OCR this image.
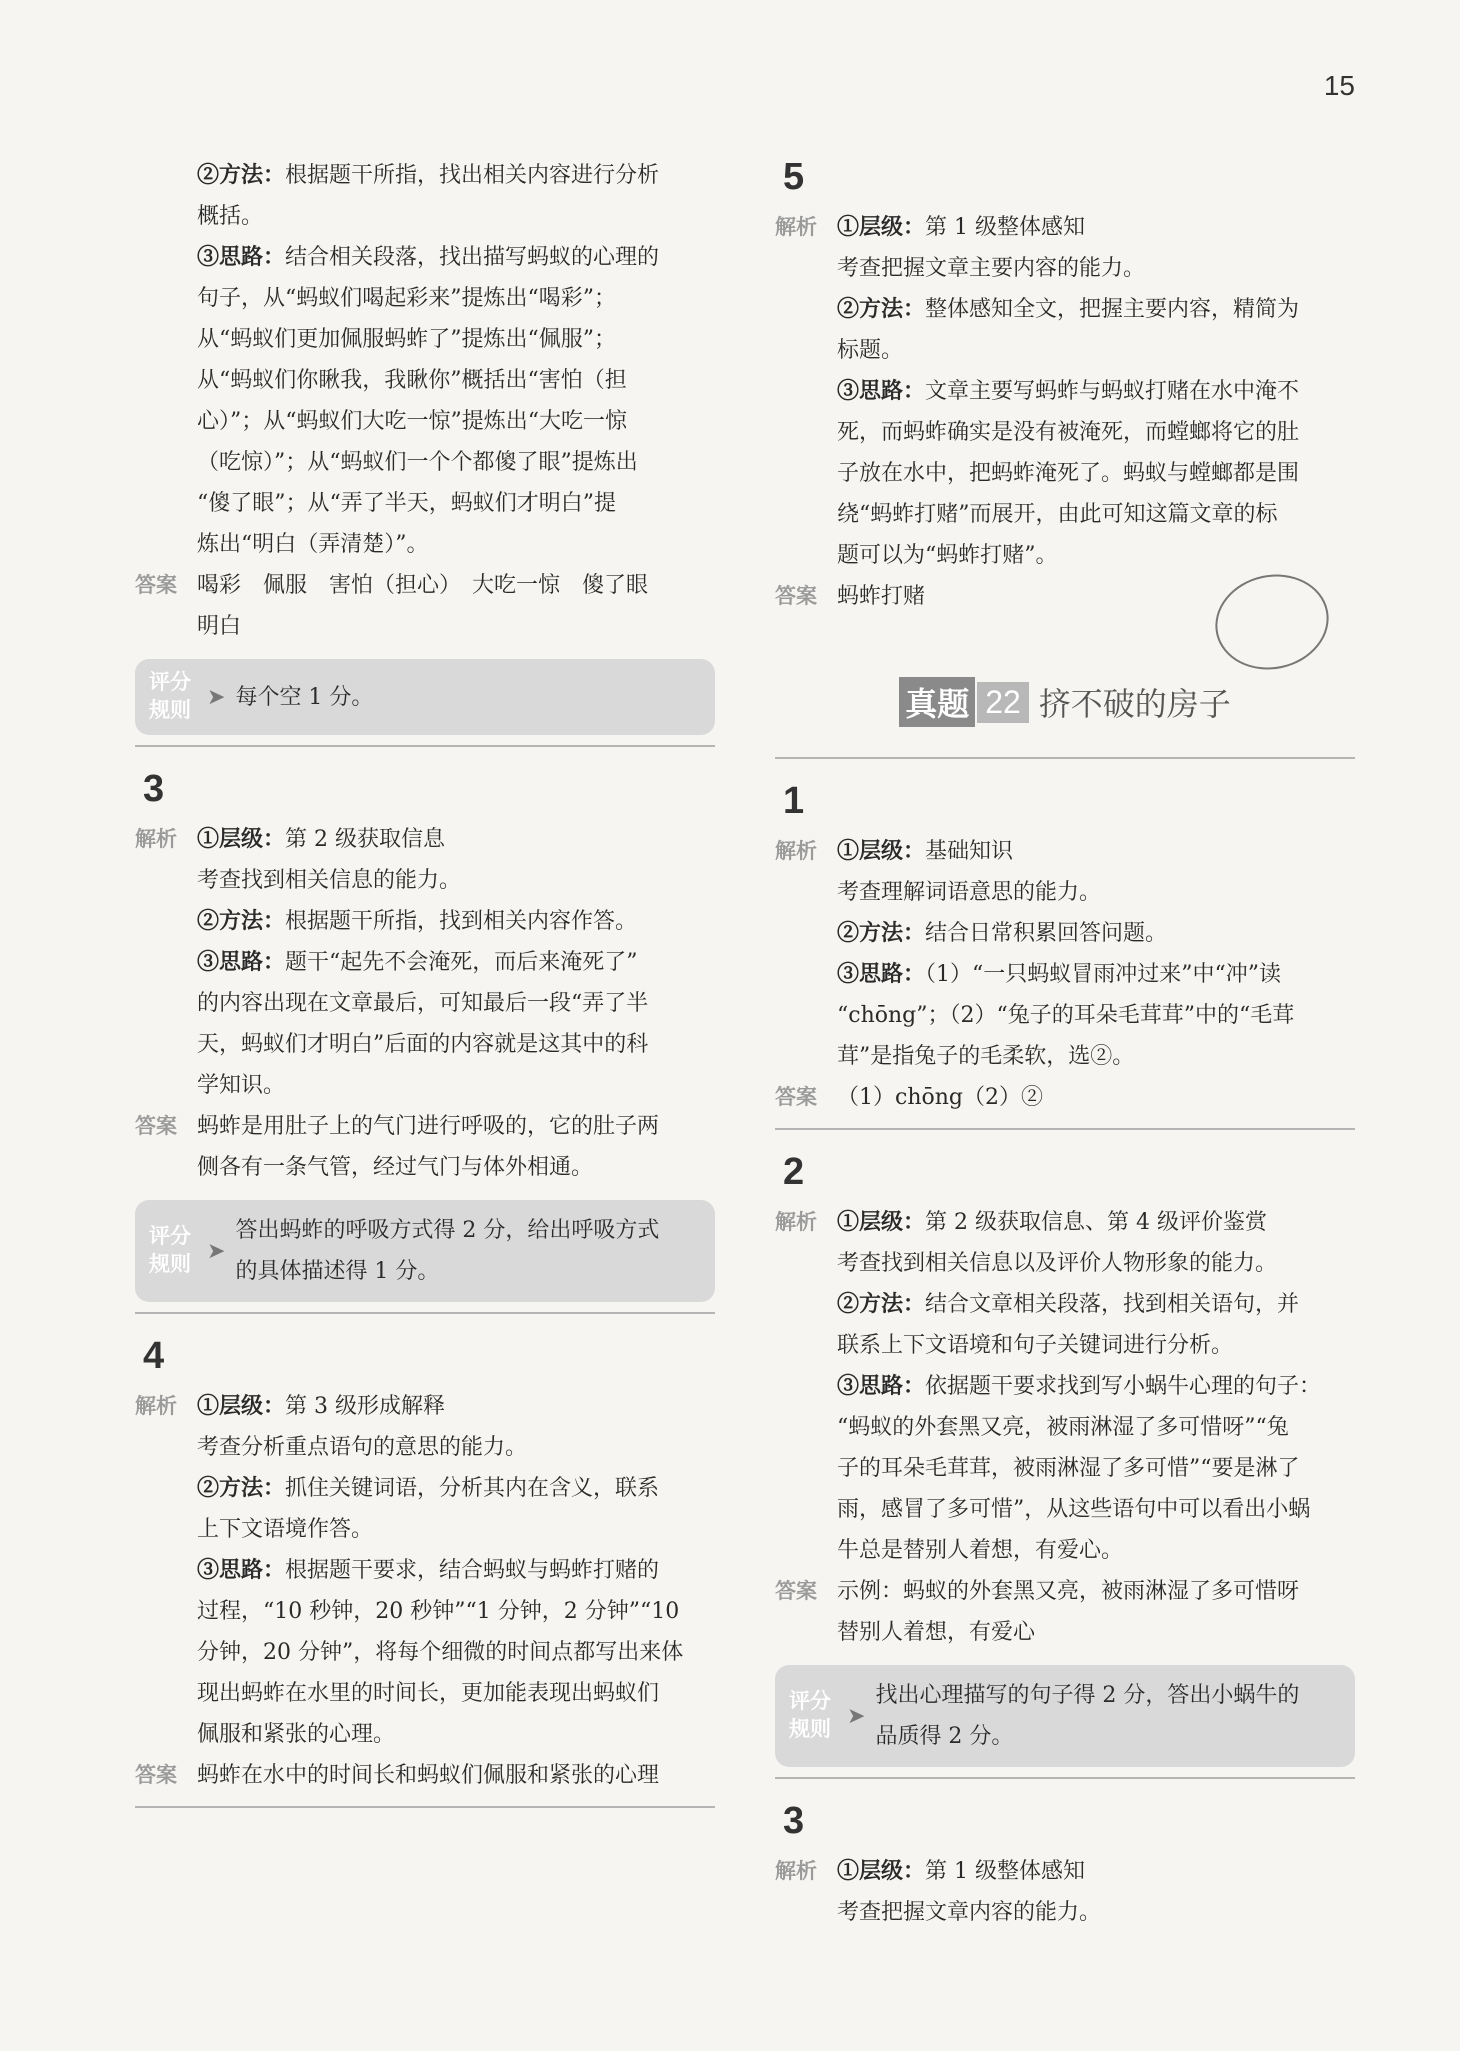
15

②方法：根据题干所指，找出相关内容进行分析

概括。

③思路：结合相关段落，找出描写蚂蚁的心理的

句子，从“蚂蚁们喝起彩来”提炼出“喝彩”；

从“蚂蚁们更加佩服蚂蚱了”提炼出“佩服”；

从“蚂蚁们你瞅我，我瞅你”概括出“害怕（担

心）”；从“蚂蚁们大吃一惊”提炼出“大吃一惊

（吃惊）”；从“蚂蚁们一个个都傻了眼”提炼出

“傻了眼”；从“弄了半天，蚂蚁们才明白”提

炼出“明白（弄清楚）”。

答案 喝彩　佩服　害怕（担心）　大吃一惊　傻了眼

明白

评分
规则
➤ 每个空 1 分。
3

解析 ①层级：第 2 级获取信息

考查找到相关信息的能力。

②方法：根据题干所指，找到相关内容作答。

③思路：题干“起先不会淹死，而后来淹死了”

的内容出现在文章最后，可知最后一段“弄了半

天，蚂蚁们才明白”后面的内容就是这其中的科

学知识。

答案 蚂蚱是用肚子上的气门进行呼吸的，它的肚子两

侧各有一条气管，经过气门与体外相通。

评分
规则
➤
答出蚂蚱的呼吸方式得 2 分，给出呼吸方式
的具体描述得 1 分。
4

解析 ①层级：第 3 级形成解释

考查分析重点语句的意思的能力。

②方法：抓住关键词语，分析其内在含义，联系

上下文语境作答。

③思路：根据题干要求，结合蚂蚁与蚂蚱打赌的

过程，“10 秒钟，20 秒钟”“1 分钟，2 分钟”“10

分钟，20 分钟”，将每个细微的时间点都写出来体

现出蚂蚱在水里的时间长，更加能表现出蚂蚁们

佩服和紧张的心理。

答案 蚂蚱在水中的时间长和蚂蚁们佩服和紧张的心理

5

解析 ①层级：第 1 级整体感知

考查把握文章主要内容的能力。

②方法：整体感知全文，把握主要内容，精简为

标题。

③思路：文章主要写蚂蚱与蚂蚁打赌在水中淹不

死，而蚂蚱确实是没有被淹死，而螳螂将它的肚

子放在水中，把蚂蚱淹死了。蚂蚁与螳螂都是围

绕“蚂蚱打赌”而展开，由此可知这篇文章的标

题可以为“蚂蚱打赌”。

答案 蚂蚱打赌

真题 22 挤不破的房子
1

解析 ①层级：基础知识

考查理解词语意思的能力。

②方法：结合日常积累回答问题。

③思路：（1）“一只蚂蚁冒雨冲过来”中“冲”读

“chōng”；（2）“兔子的耳朵毛茸茸”中的“毛茸

茸”是指兔子的毛柔软，选②。

答案 （1）chōng（2）②

2

解析 ①层级：第 2 级获取信息、第 4 级评价鉴赏

考查找到相关信息以及评价人物形象的能力。

②方法：结合文章相关段落，找到相关语句，并

联系上下文语境和句子关键词进行分析。

③思路：依据题干要求找到写小蜗牛心理的句子：

“蚂蚁的外套黑又亮，被雨淋湿了多可惜呀”“兔

子的耳朵毛茸茸，被雨淋湿了多可惜”“要是淋了

雨，感冒了多可惜”，从这些语句中可以看出小蜗

牛总是替别人着想，有爱心。

答案 示例：蚂蚁的外套黑又亮，被雨淋湿了多可惜呀

替别人着想，有爱心

评分
规则
➤
找出心理描写的句子得 2 分，答出小蜗牛的
品质得 2 分。
3

解析 ①层级：第 1 级整体感知

考查把握文章内容的能力。
